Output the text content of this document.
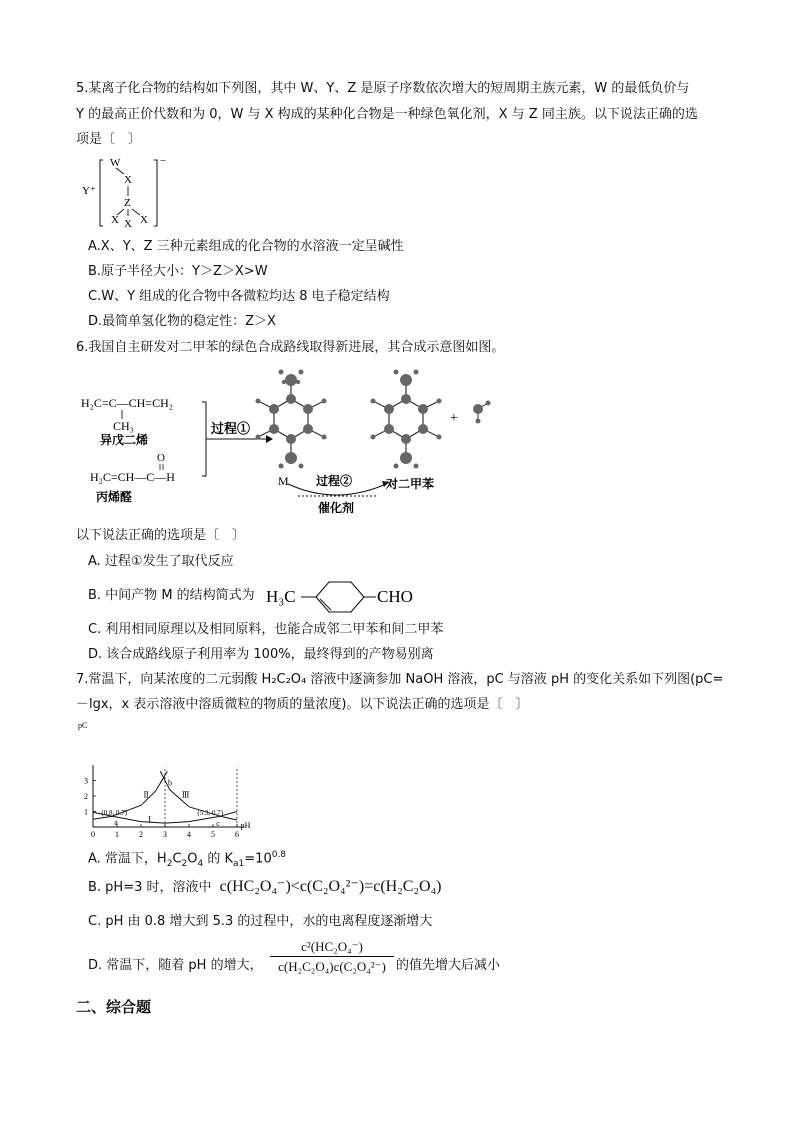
5.某离子化合物的结构如下列图，其中 W、Y、Z 是原子序数依次增大的短周期主族元素，W 的最低负价与
Y 的最高正价代数和为 0，W 与 X 构成的某种化合物是一种绿色氧化剂，X 与 Z 同主族。以下说法正确的选
项是〔　〕
Y⁺
−
W
X
Z
X X X
A.X、Y、Z 三种元素组成的化合物的水溶液一定呈碱性
B.原子半径大小：Y＞Z＞X>W
C.W、Y 组成的化合物中各微粒均达 8 电子稳定结构
D.最简单氢化物的稳定性：Z＞X
6.我国自主研发对二甲苯的绿色合成路线取得新进展，其合成示意图如图。
H₂C=C—CH=CH₂
CH₃
异戊二烯
O
H₂C=CH—C—H
丙烯醛
过程①
+
M 过程②	对二甲苯
催化剂
以下说法正确的选项是〔　〕
A. 过程①发生了取代反应
B. 中间产物 M 的结构简式为 H₃C	CHO
C. 利用相同原理以及相同原料，也能合成邻二甲苯和间二甲苯
D. 该合成路线原子利用率为 100%，最终得到的产物易别离
7.常温下，向某浓度的二元弱酸 H₂C₂O₄ 溶液中逐滴参加 NaOH 溶液，pC 与溶液 pH 的变化关系如下列图(pC=
－lgx，x 表示溶液中溶质微粒的物质的量浓度)。以下说法正确的选项是〔　〕
0	1	2	3	4	5	6
1
2
3
pC
pH
a
b
c
(0.8, 0.7)	(5.3, 0.7)
I
Ⅱ	Ⅲ
A. 常温下，$H_2C_2O_4$ 的 $K_{a1}=10^{0.8}$
B. pH=3 时，溶液中 c(HC₂O₄⁻)<c(C₂O₄²⁻)=c(H₂C₂O₄)
C. pH 由 0.8 增大到 5.3 的过程中，水的电离程度逐渐增大
D. 常温下，随着 pH 的增大， $\frac{\text{c²(HC₂O₄⁻)}}{\text{c(H₂C₂O₄)c(C₂O₄²⁻)}}$ 的值先增大后减小
二、综合题
